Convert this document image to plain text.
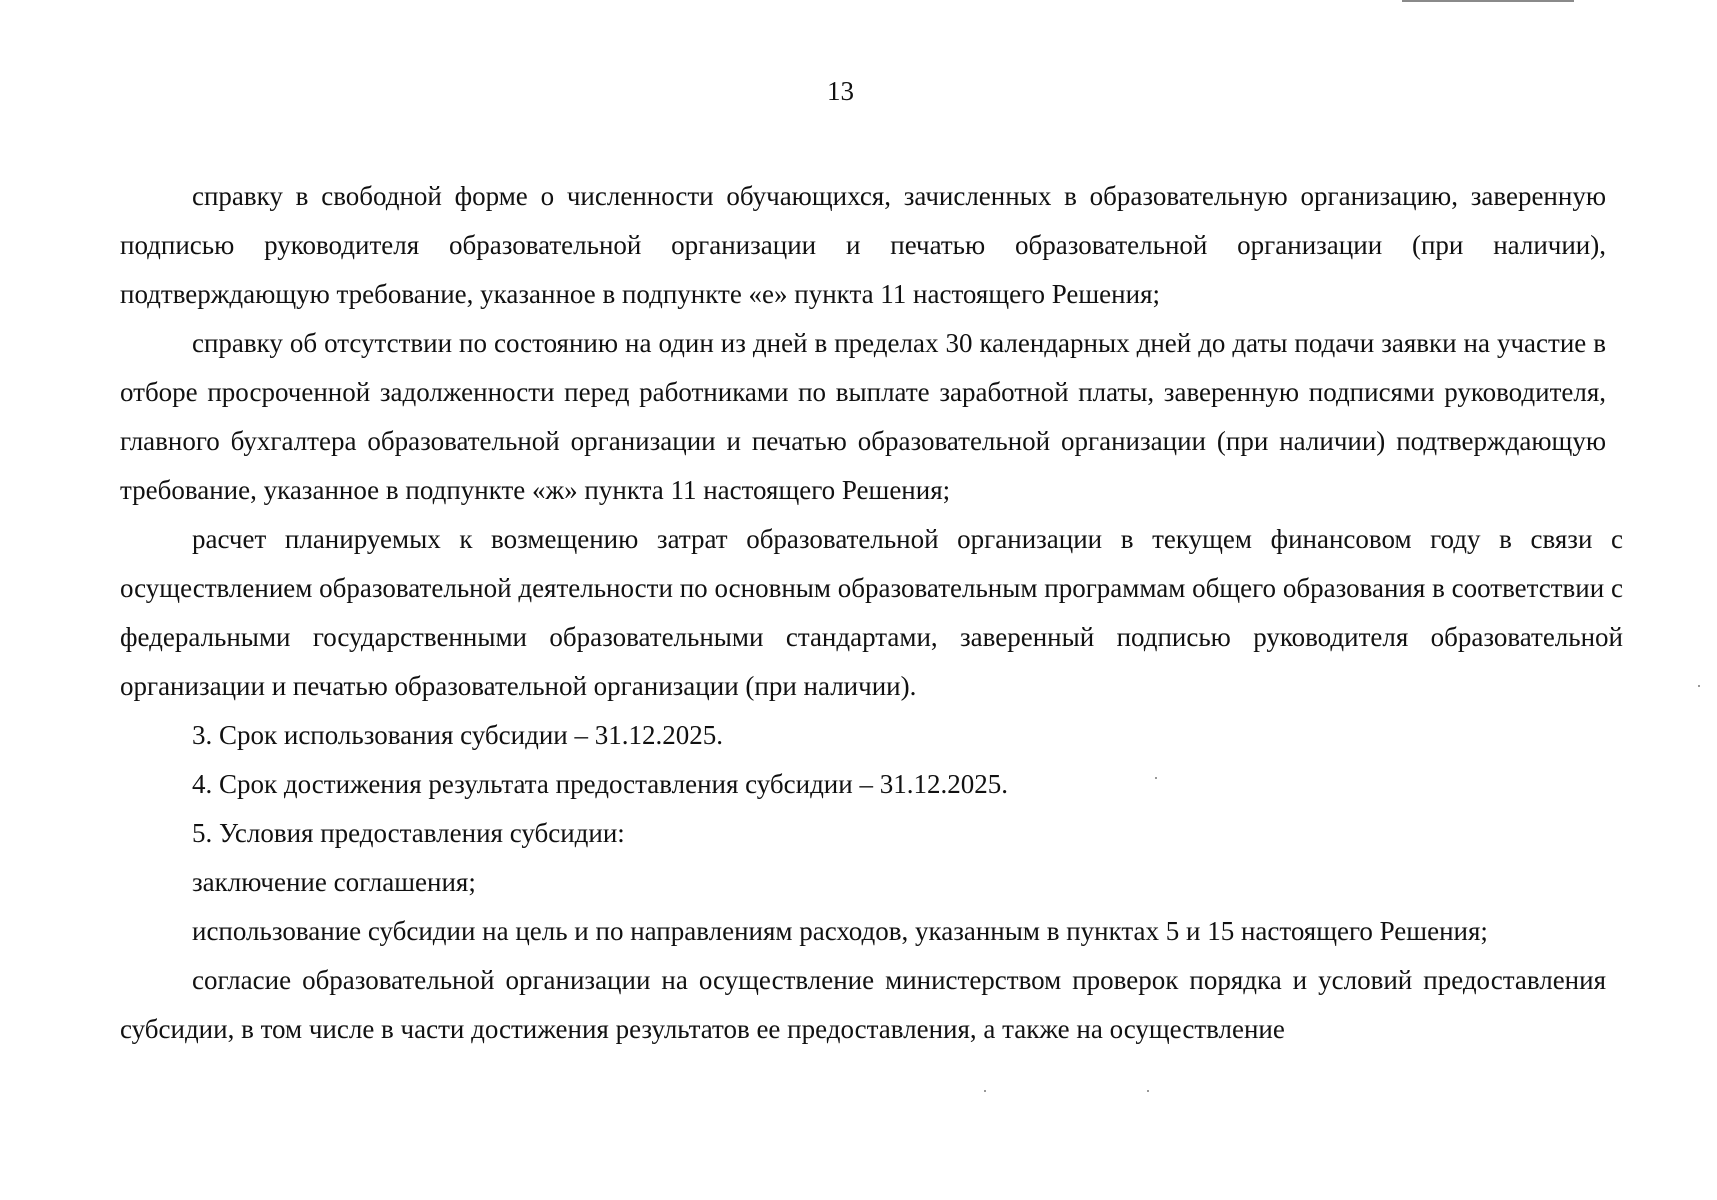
13

справку в свободной форме о численности обучающихся, зачисленных в образовательную организацию, заверенную подписью руководителя образовательной организации и печатью образовательной организации (при наличии), подтверждающую требование, указанное в подпункте «е» пункта 11 настоящего Решения;

справку об отсутствии по состоянию на один из дней в пределах 30 календарных дней до даты подачи заявки на участие в отборе просроченной задолженности перед работниками по выплате заработной платы, заверенную подписями руководителя, главного бухгалтера образовательной организации и печатью образовательной организации (при наличии) подтверждающую требование, указанное в подпункте «ж» пункта 11 настоящего Решения;

расчет планируемых к возмещению затрат образовательной организации в текущем финансовом году в связи с осуществлением образовательной деятельности по основным образовательным программам общего образования в соответствии с федеральными государственными образовательными стандартами, заверенный подписью руководителя образовательной организации и печатью образовательной организации (при наличии).

3. Срок использования субсидии – 31.12.2025.

4. Срок достижения результата предоставления субсидии – 31.12.2025.

5. Условия предоставления субсидии:

заключение соглашения;

использование субсидии на цель и по направлениям расходов, указанным в пунктах 5 и 15 настоящего Решения;

согласие образовательной организации на осуществление министерством проверок порядка и условий предоставления субсидии, в том числе в части достижения результатов ее предоставления, а также на осуществление
